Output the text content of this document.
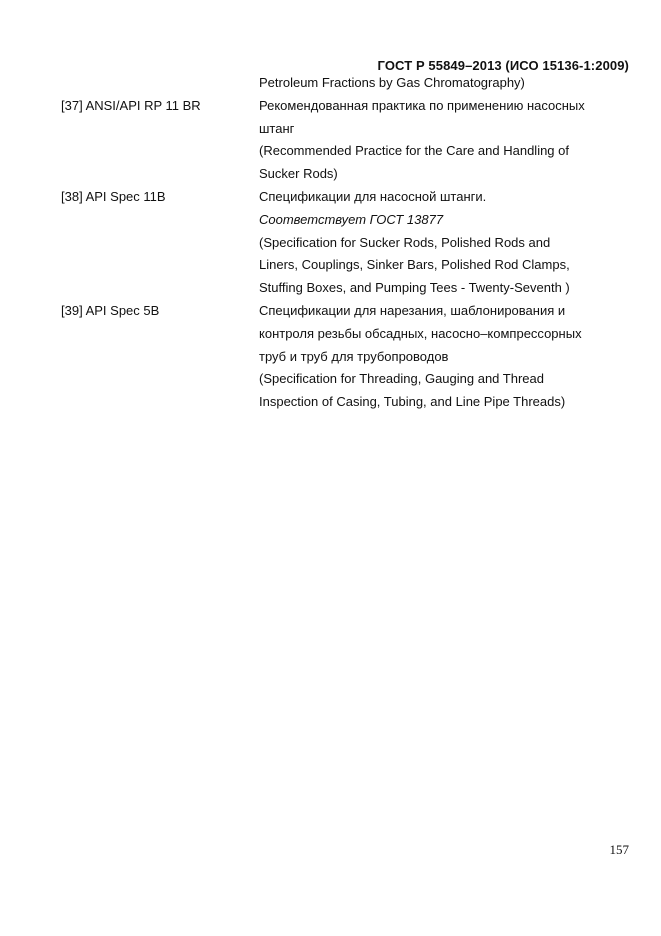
ГОСТ Р 55849–2013 (ИСО 15136-1:2009)
Petroleum Fractions by Gas Chromatography)
[37] ANSI/API RP 11 BR	Рекомендованная практика по применению насосных
штанг
(Recommended Practice for the Care and Handling of
Sucker Rods)
[38] API Spec 11B	Спецификации для насосной штанги.
Соответствует ГОСТ 13877
(Specification for Sucker Rods, Polished Rods and
Liners, Couplings, Sinker Bars, Polished Rod Clamps,
Stuffing Boxes, and Pumping Tees - Twenty-Seventh )
[39] API Spec 5B	Спецификации для нарезания, шаблонирования и
контроля резьбы обсадных, насосно–компрессорных
труб и труб для трубопроводов
(Specification for Threading, Gauging and Thread
Inspection of Casing, Tubing, and Line Pipe Threads)
157
